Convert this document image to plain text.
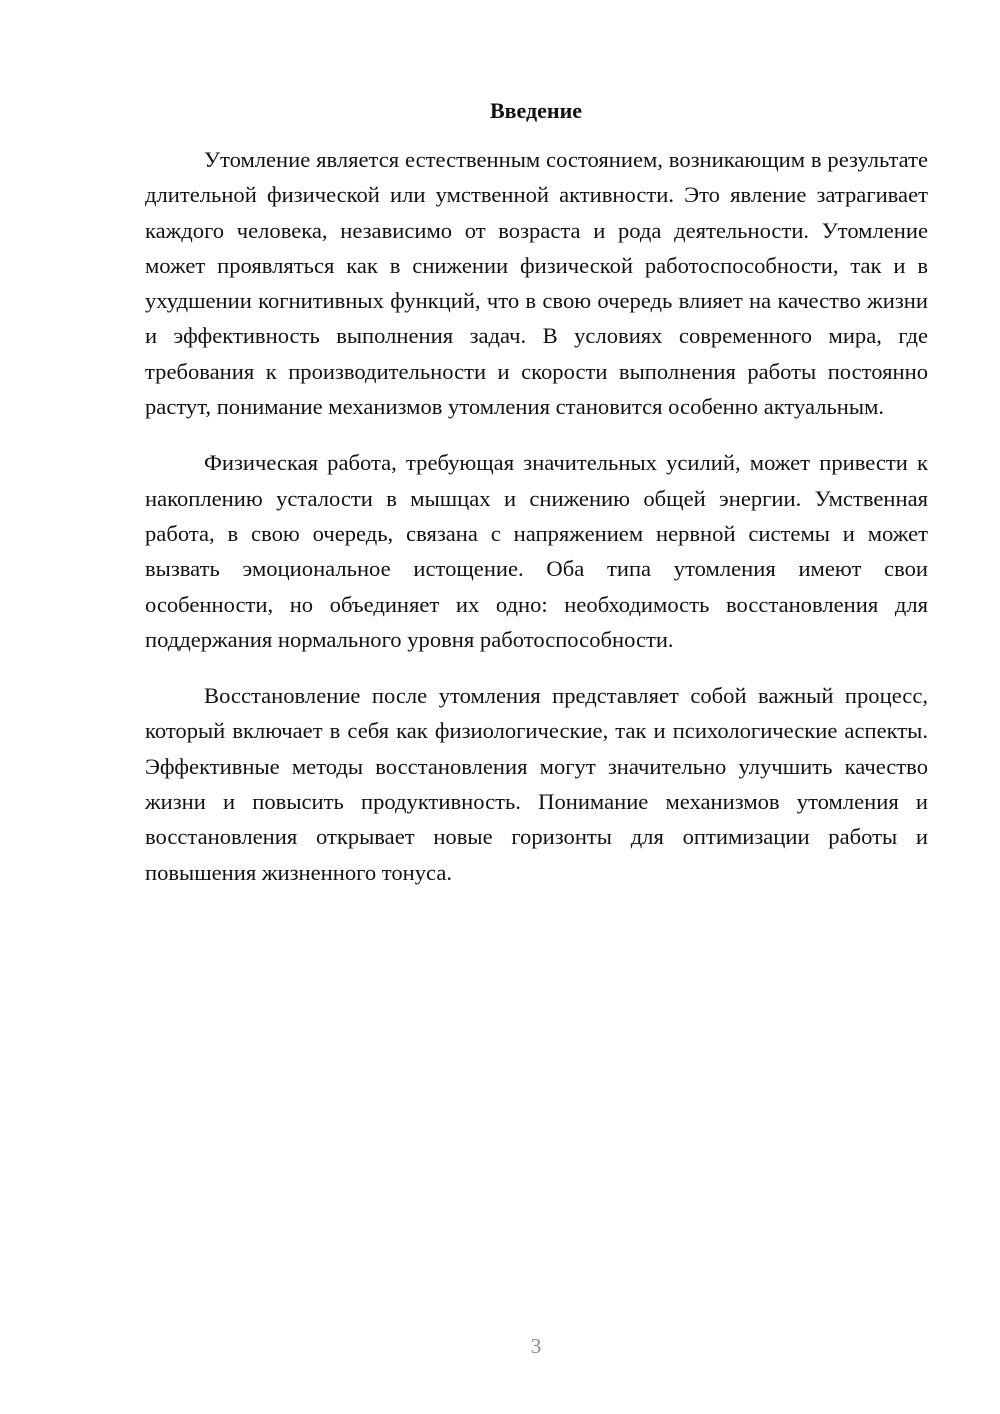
Введение

Утомление является естественным состоянием, возникающим в результате длительной физической или умственной активности. Это явление затрагивает каждого человека, независимо от возраста и рода деятельности. Утомление может проявляться как в снижении физической работоспособности, так и в ухудшении когнитивных функций, что в свою очередь влияет на качество жизни и эффективность выполнения задач. В условиях современного мира, где требования к производительности и скорости выполнения работы постоянно растут, понимание механизмов утомления становится особенно актуальным.

Физическая работа, требующая значительных усилий, может привести к накоплению усталости в мышцах и снижению общей энергии. Умственная работа, в свою очередь, связана с напряжением нервной системы и может вызвать эмоциональное истощение. Оба типа утомления имеют свои особенности, но объединяет их одно: необходимость восстановления для поддержания нормального уровня работоспособности.

Восстановление после утомления представляет собой важный процесс, который включает в себя как физиологические, так и психологические аспекты. Эффективные методы восстановления могут значительно улучшить качество жизни и повысить продуктивность. Понимание механизмов утомления и восстановления открывает новые горизонты для оптимизации работы и повышения жизненного тонуса.

3
